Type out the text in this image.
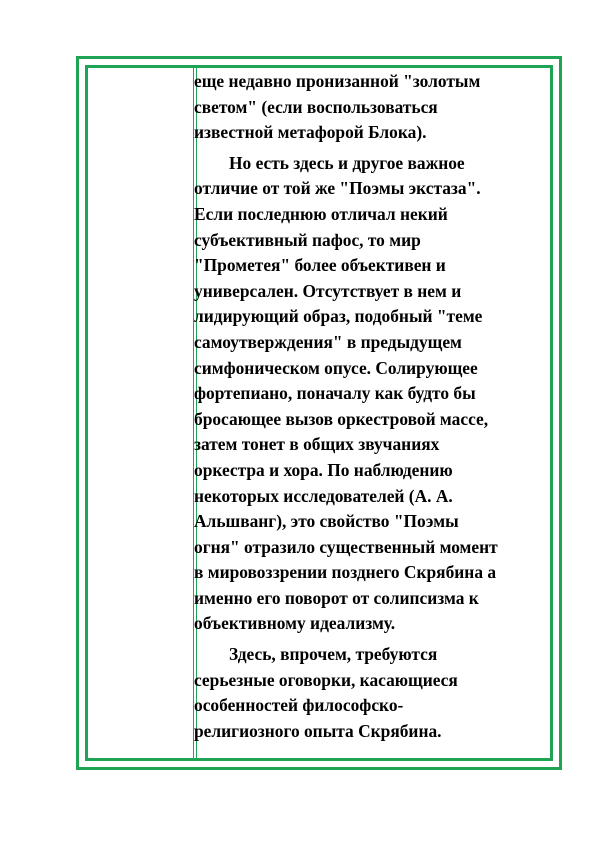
еще недавно пронизанной "золотым
светом" (если воспользоваться
известной метафорой Блока).

Но есть здесь и другое важное
отличие от той же "Поэмы экстаза".
Если последнюю отличал некий
субъективный пафос, то мир
"Прометея" более объективен и
универсален. Отсутствует в нем и
лидирующий образ, подобный "теме
самоутверждения" в предыдущем
симфоническом опусе. Солирующее
фортепиано, поначалу как будто бы
бросающее вызов оркестровой массе,
затем тонет в общих звучаниях
оркестра и хора. По наблюдению
некоторых исследователей (А. А.
Альшванг), это свойство "Поэмы
огня" отразило существенный момент
в мировоззрении позднего Скрябина а
именно его поворот от солипсизма к
объективному идеализму.

Здесь, впрочем, требуются
серьезные оговорки, касающиеся
особенностей философско-
религиозного опыта Скрябина.
